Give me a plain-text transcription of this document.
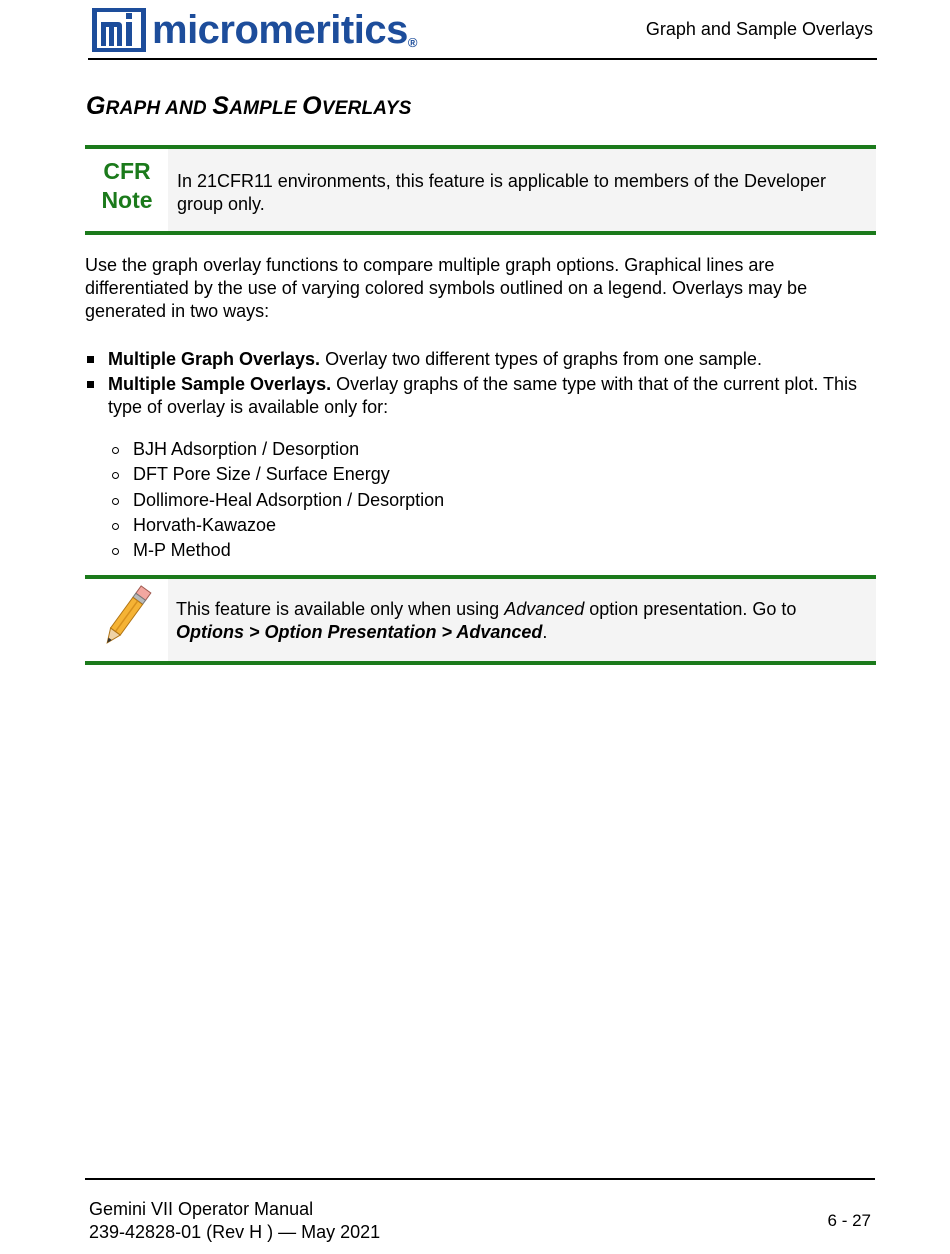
micromeritics ®
Graph and Sample Overlays
GRAPH AND SAMPLE OVERLAYS
CFR
Note
In 21CFR11 environments, this feature is applicable to members of the Developer group only.
Use the graph overlay functions to compare multiple graph options. Graphical lines are differentiated by the use of varying colored symbols outlined on a legend. Overlays may be generated in two ways:
Multiple Graph Overlays. Overlay two different types of graphs from one sample.
Multiple Sample Overlays. Overlay graphs of the same type with that of the current plot. This type of overlay is available only for:
BJH Adsorption / Desorption
DFT Pore Size / Surface Energy
Dollimore-Heal Adsorption / Desorption
Horvath-Kawazoe
M-P Method
This feature is available only when using Advanced option presentation. Go to Options > Option Presentation > Advanced.
Gemini VII Operator Manual
239-42828-01 (Rev H ) — May 2021
6 - 27
